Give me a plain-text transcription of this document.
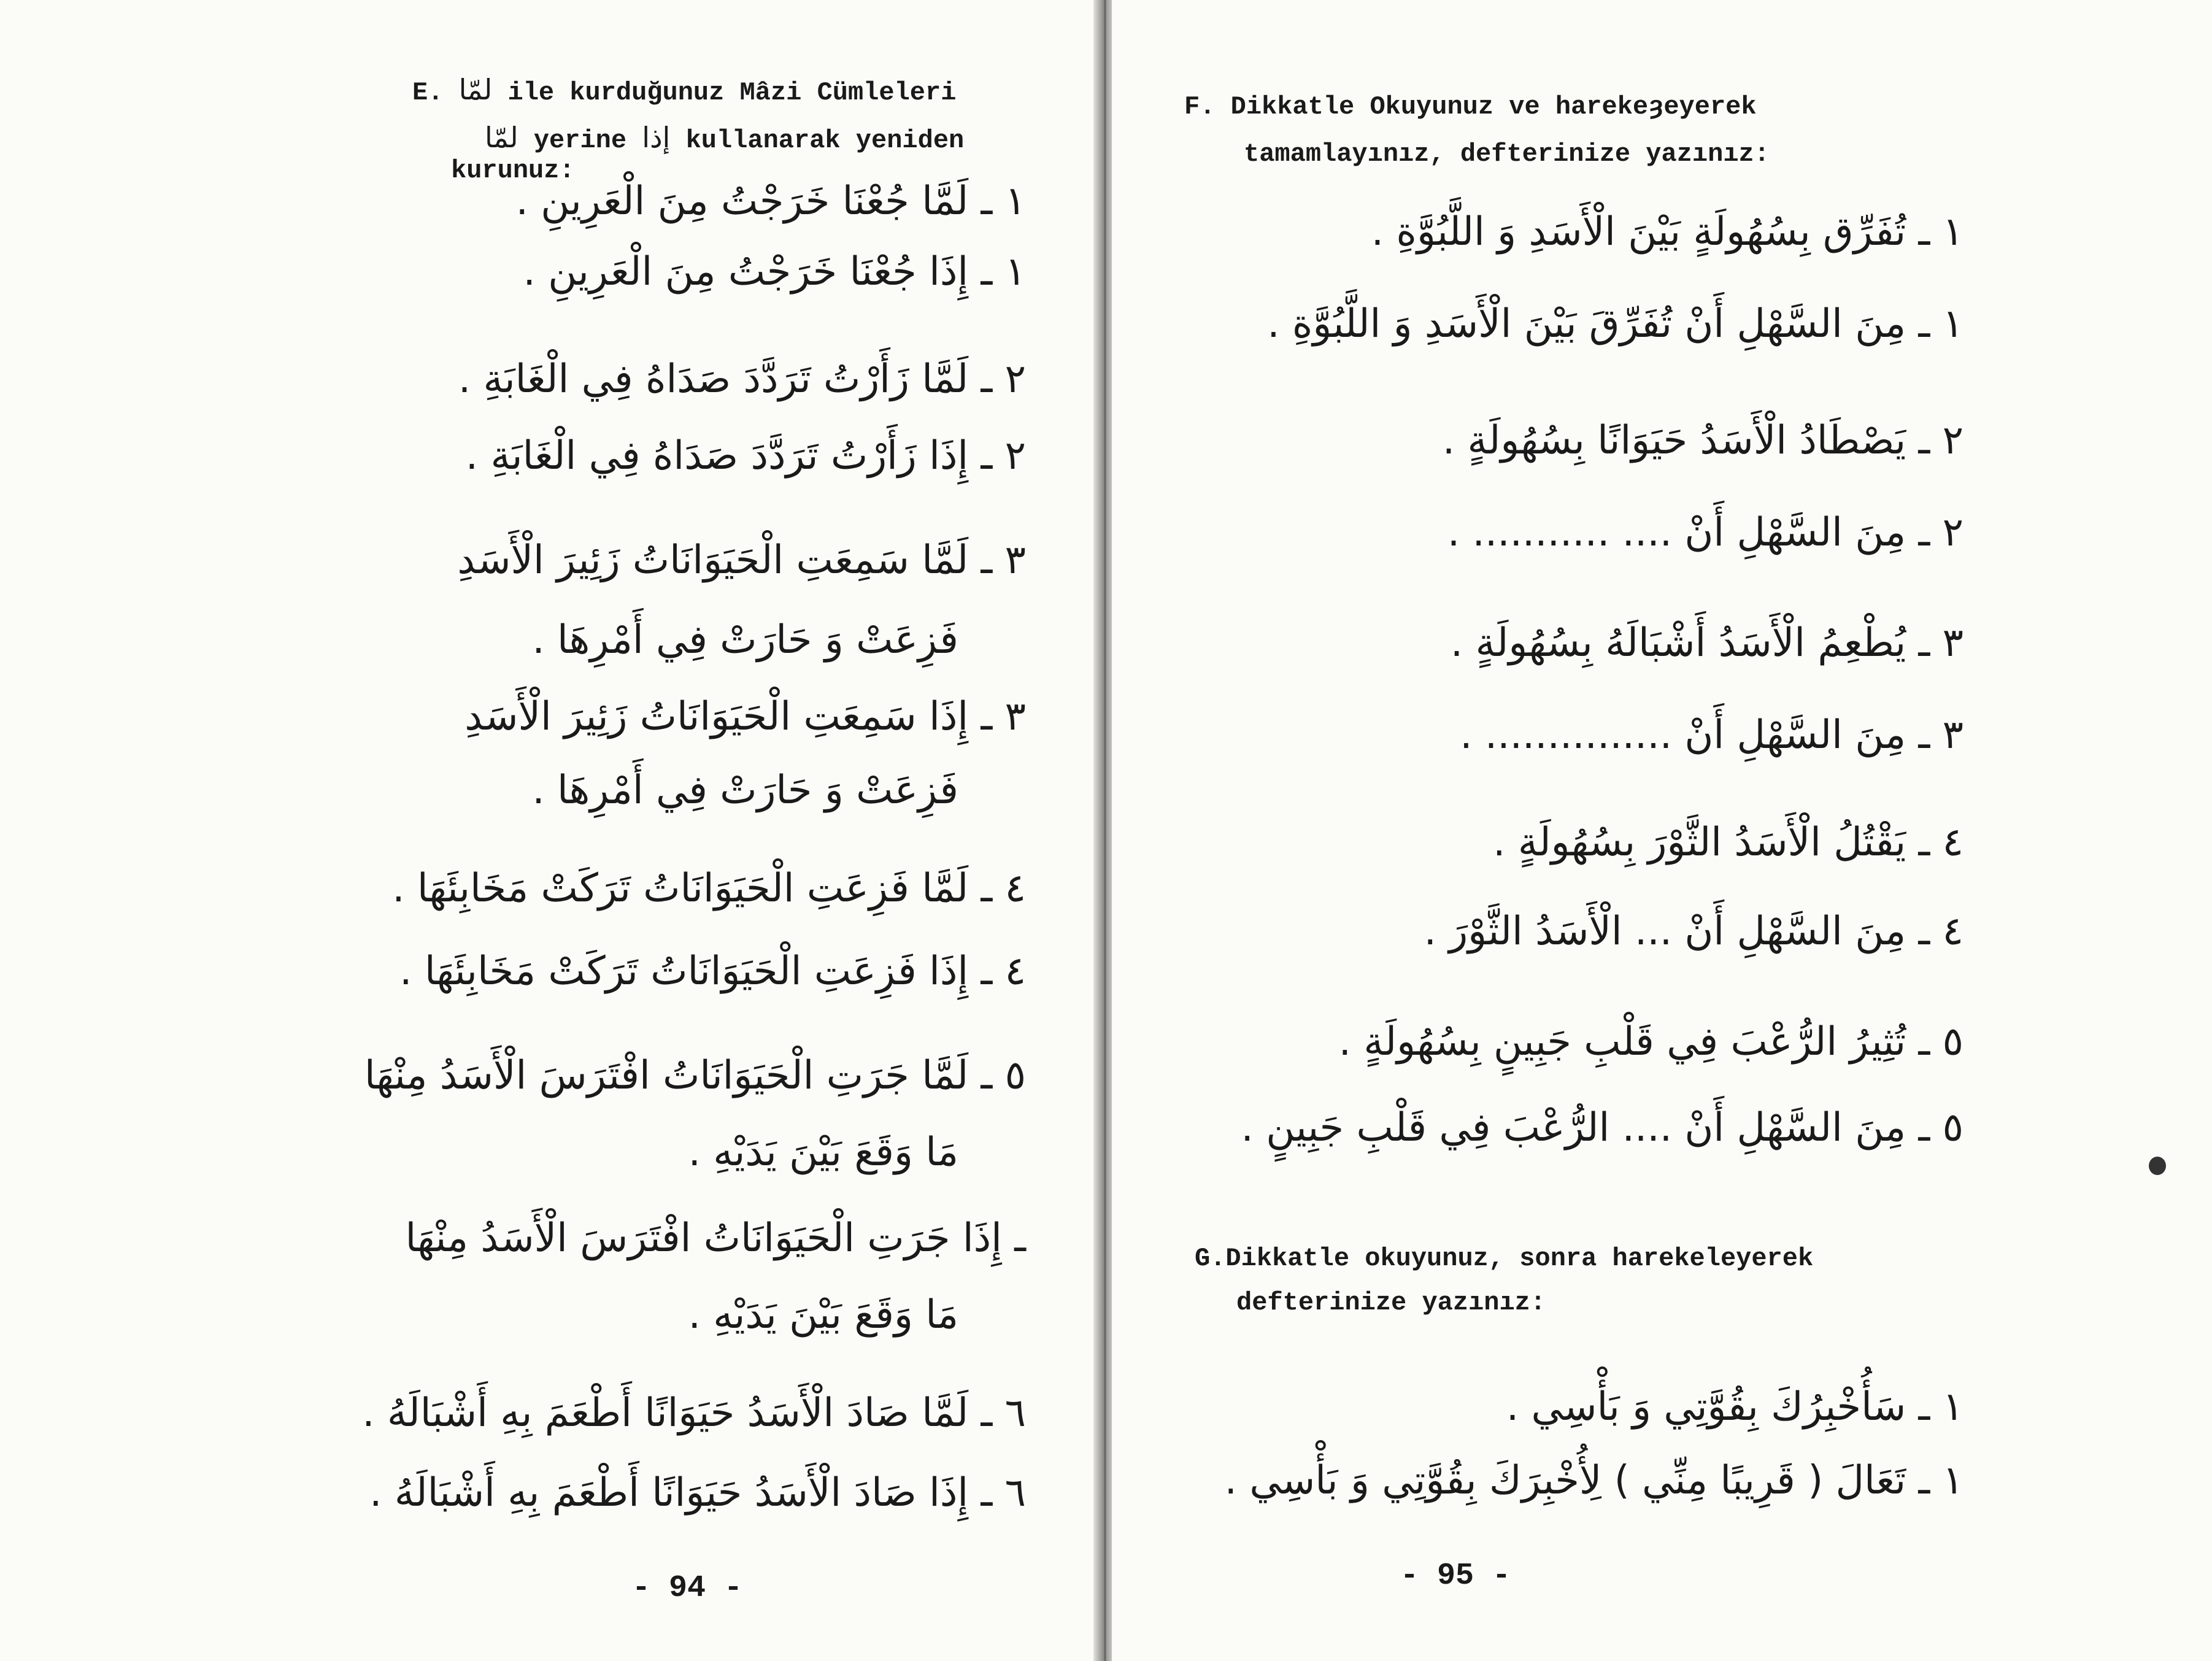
E. لمّا ile kurduğunuz Mâzi Cümleleri
لمّا yerine إذا kullanarak yeniden
kurunuz:
١ ـ لَمَّا جُعْنَا خَرَجْتُ مِنَ الْعَرِينِ .
١ ـ إِذَا جُعْنَا خَرَجْتُ مِنَ الْعَرِينِ .
٢ ـ لَمَّا زَأَرْتُ تَرَدَّدَ صَدَاهُ فِي الْغَابَةِ .
٢ ـ إِذَا زَأَرْتُ تَرَدَّدَ صَدَاهُ فِي الْغَابَةِ .
٣ ـ لَمَّا سَمِعَتِ الْحَيَوَانَاتُ زَئِيرَ الْأَسَدِ
فَزِعَتْ وَ حَارَتْ فِي أَمْرِهَا .
٣ ـ إِذَا سَمِعَتِ الْحَيَوَانَاتُ زَئِيرَ الْأَسَدِ
فَزِعَتْ وَ حَارَتْ فِي أَمْرِهَا .
٤ ـ لَمَّا فَزِعَتِ الْحَيَوَانَاتُ تَرَكَتْ مَخَابِئَهَا .
٤ ـ إِذَا فَزِعَتِ الْحَيَوَانَاتُ تَرَكَتْ مَخَابِئَهَا .
٥ ـ لَمَّا جَرَتِ الْحَيَوَانَاتُ افْتَرَسَ الْأَسَدُ مِنْهَا
مَا وَقَعَ بَيْنَ يَدَيْهِ .
ـ إِذَا جَرَتِ الْحَيَوَانَاتُ افْتَرَسَ الْأَسَدُ مِنْهَا
مَا وَقَعَ بَيْنَ يَدَيْهِ .
٦ ـ لَمَّا صَادَ الْأَسَدُ حَيَوَانًا أَطْعَمَ بِهِ أَشْبَالَهُ .
٦ ـ إِذَا صَادَ الْأَسَدُ حَيَوَانًا أَطْعَمَ بِهِ أَشْبَالَهُ .
- 94 -
F. Dikkatle Okuyunuz ve harekeȝeyerek
tamamlayınız, defterinize yazınız:
١ ـ تُفَرِّق بِسُهُولَةٍ بَيْنَ الْأَسَدِ وَ اللَّبُوَّةِ .
١ ـ مِنَ السَّهْلِ أَنْ تُفَرِّقَ بَيْنَ الْأَسَدِ وَ اللَّبُوَّةِ .
٢ ـ يَصْطَادُ الْأَسَدُ حَيَوَانًا بِسُهُولَةٍ .
٢ ـ مِنَ السَّهْلِ أَنْ .... ........... .
٣ ـ يُطْعِمُ الْأَسَدُ أَشْبَالَهُ بِسُهُولَةٍ .
٣ ـ مِنَ السَّهْلِ أَنْ ............... .
٤ ـ يَقْتُلُ الْأَسَدُ الثَّوْرَ بِسُهُولَةٍ .
٤ ـ مِنَ السَّهْلِ أَنْ ... الْأَسَدُ الثَّوْرَ .
٥ ـ تُثِيرُ الرُّعْبَ فِي قَلْبِ جَبِينٍ بِسُهُولَةٍ .
٥ ـ مِنَ السَّهْلِ أَنْ .... الرُّعْبَ فِي قَلْبِ جَبِينٍ .
G.Dikkatle okuyunuz, sonra harekeleyerek
defterinize yazınız:
١ ـ سَأُخْبِرُكَ بِقُوَّتِي وَ بَأْسِي .
١ ـ تَعَالَ ( قَرِيبًا مِنِّي ) لِأُخْبِرَكَ بِقُوَّتِي وَ بَأْسِي .
- 95 -
